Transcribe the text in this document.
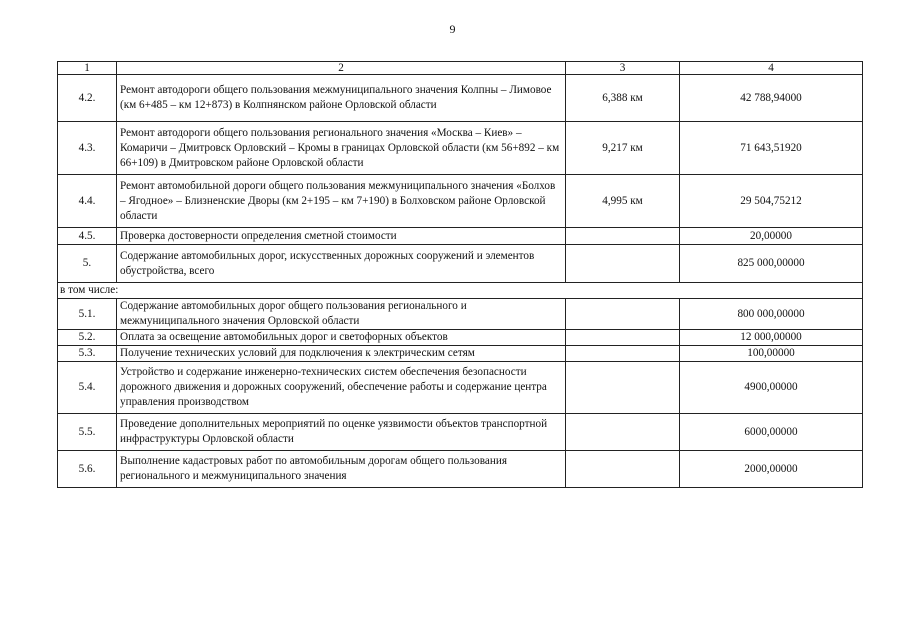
9
1	2	3	4
4.2.	Ремонт автодороги общего пользования межмуниципального значения Колпны – Лимовое (км 6+485 – км 12+873) в Колпнянском районе Орловской области	6,388 км	42 788,94000
4.3.	Ремонт автодороги общего пользования регионального значения «Москва – Киев» – Комаричи – Дмитровск Орловский – Кромы в границах Орловской области (км 56+892 – км 66+109) в Дмитровском районе Орловской области	9,217 км	71 643,51920
4.4.	Ремонт автомобильной дороги общего пользования межмуниципального значения «Болхов – Ягодное» – Близненские Дворы (км 2+195 – км 7+190) в Болховском районе Орловской области	4,995 км	29 504,75212
4.5.	Проверка достоверности определения сметной стоимости		20,00000
5.	Содержание автомобильных дорог, искусственных дорожных сооружений и элементов обустройства, всего		825 000,00000
в том числе:			
5.1.	Содержание автомобильных дорог общего пользования регионального и межмуниципального значения Орловской области		800 000,00000
5.2.	Оплата за освещение автомобильных дорог и светофорных объектов		12 000,00000
5.3.	Получение технических условий для подключения к электрическим сетям		100,00000
5.4.	Устройство и содержание инженерно-технических систем обеспечения безопасности дорожного движения и дорожных сооружений, обеспечение работы и содержание центра управления производством		4900,00000
5.5.	Проведение дополнительных мероприятий по оценке уязвимости объектов транспортной инфраструктуры Орловской области		6000,00000
5.6.	Выполнение кадастровых работ по автомобильным дорогам общего пользования регионального и межмуниципального значения		2000,00000
